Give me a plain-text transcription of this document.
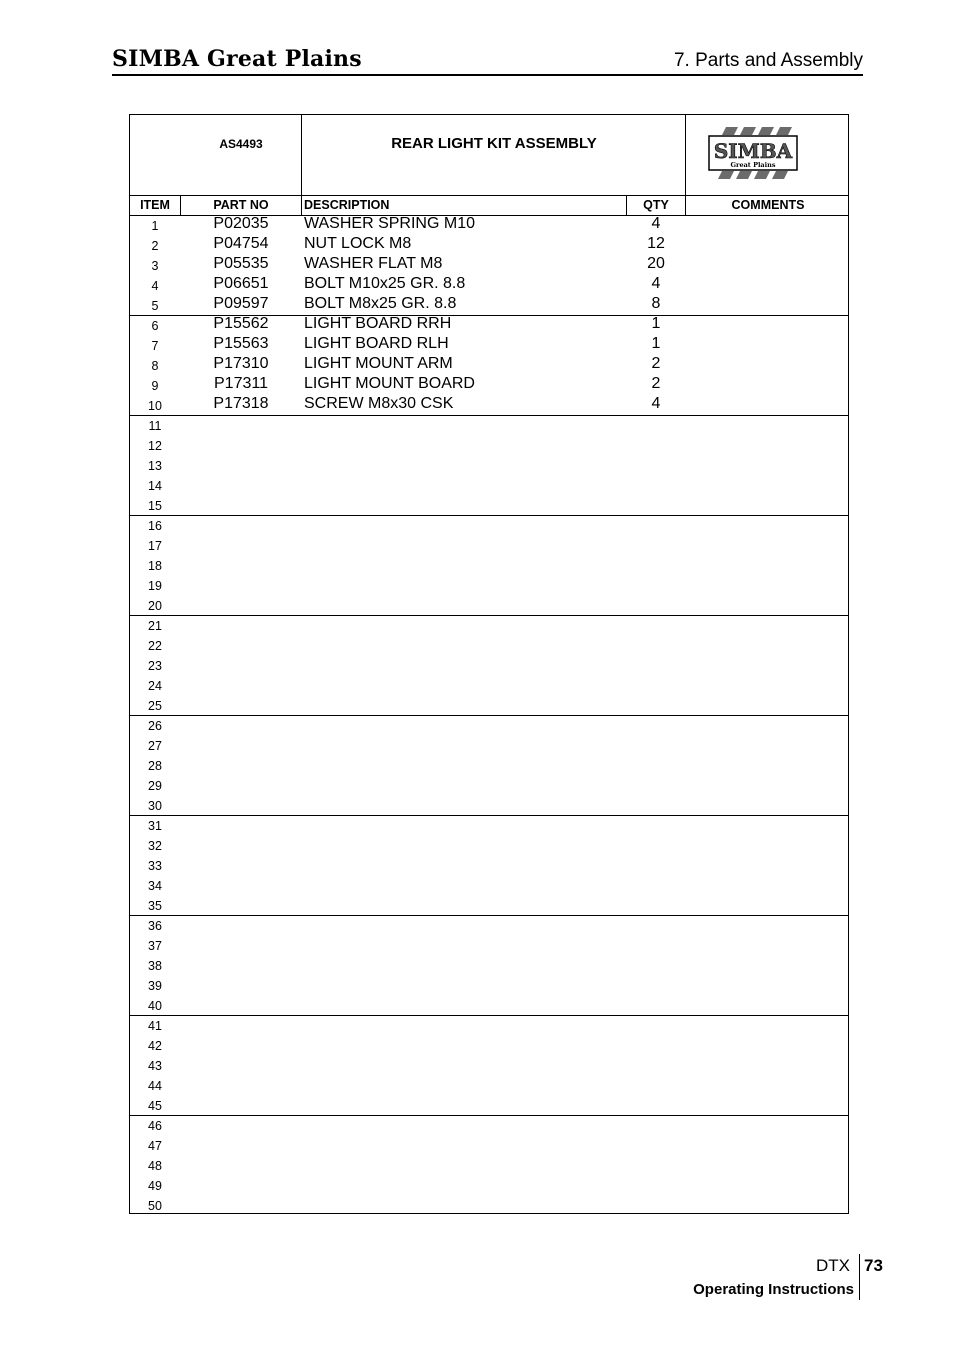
SIMBA Great Plains	7. Parts and Assembly
AS4493	REAR LIGHT KIT ASSEMBLY	SIMBA
Great Plains
ITEM	PART NO	DESCRIPTION	QTY	COMMENTS
1	P02035	WASHER SPRING M10	4
2	P04754	NUT LOCK M8	12
3	P05535	WASHER FLAT M8	20
4	P06651	BOLT M10x25 GR. 8.8	4
5	P09597	BOLT M8x25 GR. 8.8	8
6	P15562	LIGHT BOARD RRH	1
7	P15563	LIGHT BOARD RLH	1
8	P17310	LIGHT MOUNT ARM	2
9	P17311	LIGHT MOUNT BOARD	2
10	P17318	SCREW M8x30 CSK	4
11
12
13
14
15
16
17
18
19
20
21
22
23
24
25
26
27
28
29
30
31
32
33
34
35
36
37
38
39
40
41
42
43
44
45
46
47
48
49
50
DTX 73
Operating Instructions
